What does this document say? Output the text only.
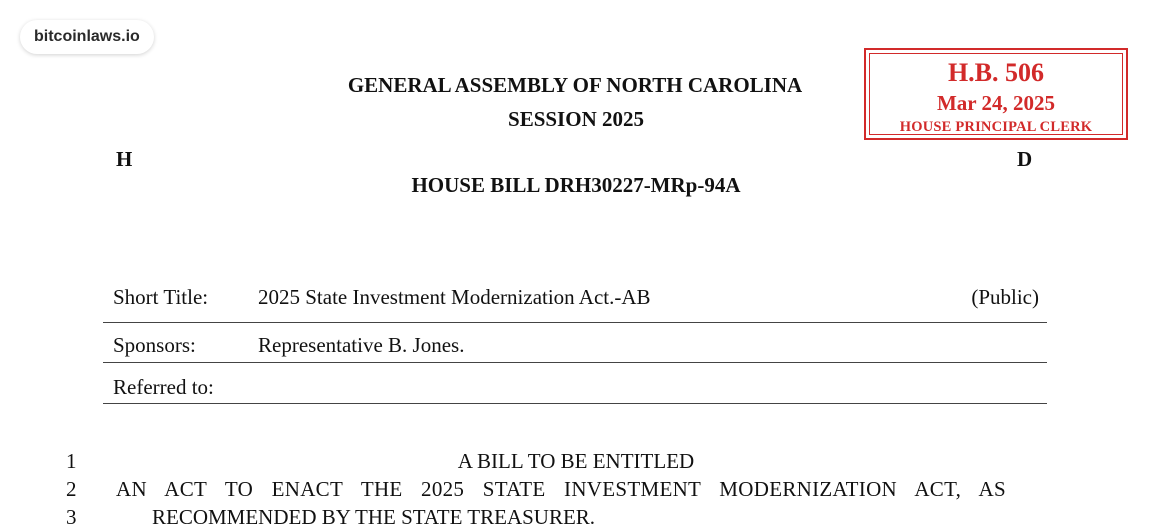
bitcoinlaws.io
H.B. 506
Mar 24, 2025
HOUSE PRINCIPAL CLERK
GENERAL ASSEMBLY OF NORTH CAROLINA
SESSION 2025
H	D
HOUSE BILL DRH30227-MRp-94A
Short Title: 2025 State Investment Modernization Act.-AB	(Public)
Sponsors:	Representative B. Jones.
Referred to:
1	A BILL TO BE ENTITLED
2 AN ACT TO ENACT THE 2025 STATE INVESTMENT MODERNIZATION ACT, AS
3	RECOMMENDED BY THE STATE TREASURER.
